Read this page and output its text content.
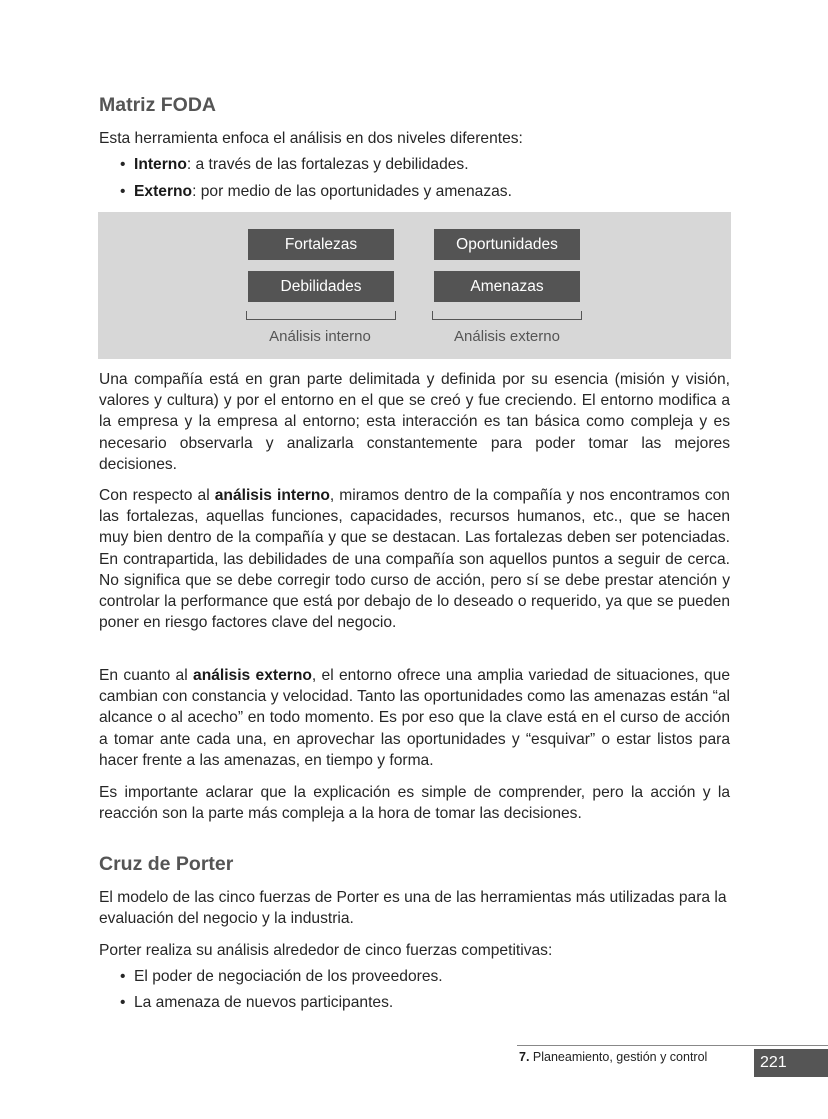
Matriz FODA

Esta herramienta enfoca el análisis en dos niveles diferentes:

• Interno: a través de las fortalezas y debilidades.

• Externo: por medio de las oportunidades y amenazas.

Fortalezas	Oportunidades
Debilidades	Amenazas
Análisis interno	Análisis externo

Una compañía está en gran parte delimitada y definida por su esencia (misión y visión, valores y cultura) y por el entorno en el que se creó y fue creciendo. El entorno modifica a la empresa y la empresa al entorno; esta interacción es tan básica como compleja y es necesario observarla y analizarla constantemente para poder tomar las mejores decisiones.

Con respecto al análisis interno, miramos dentro de la compañía y nos encontramos con las fortalezas, aquellas funciones, capacidades, recursos humanos, etc., que se hacen muy bien dentro de la compañía y que se destacan. Las fortalezas deben ser potenciadas. En contrapartida, las debilidades de una compañía son aquellos puntos a seguir de cerca. No significa que se debe corregir todo curso de acción, pero sí se debe prestar atención y controlar la performance que está por debajo de lo deseado o requerido, ya que se pueden poner en riesgo factores clave del negocio.

En cuanto al análisis externo, el entorno ofrece una amplia variedad de situaciones, que cambian con constancia y velocidad. Tanto las oportunidades como las amenazas están “al alcance o al acecho” en todo momento. Es por eso que la clave está en el curso de acción a tomar ante cada una, en aprovechar las oportunidades y “esquivar” o estar listos para hacer frente a las amenazas, en tiempo y forma.

Es importante aclarar que la explicación es simple de comprender, pero la acción y la reacción son la parte más compleja a la hora de tomar las decisiones.

Cruz de Porter

El modelo de las cinco fuerzas de Porter es una de las herramientas más utilizadas para la evaluación del negocio y la industria.

Porter realiza su análisis alrededor de cinco fuerzas competitivas:

• El poder de negociación de los proveedores.

• La amenaza de nuevos participantes.

7. Planeamiento, gestión y control	221
